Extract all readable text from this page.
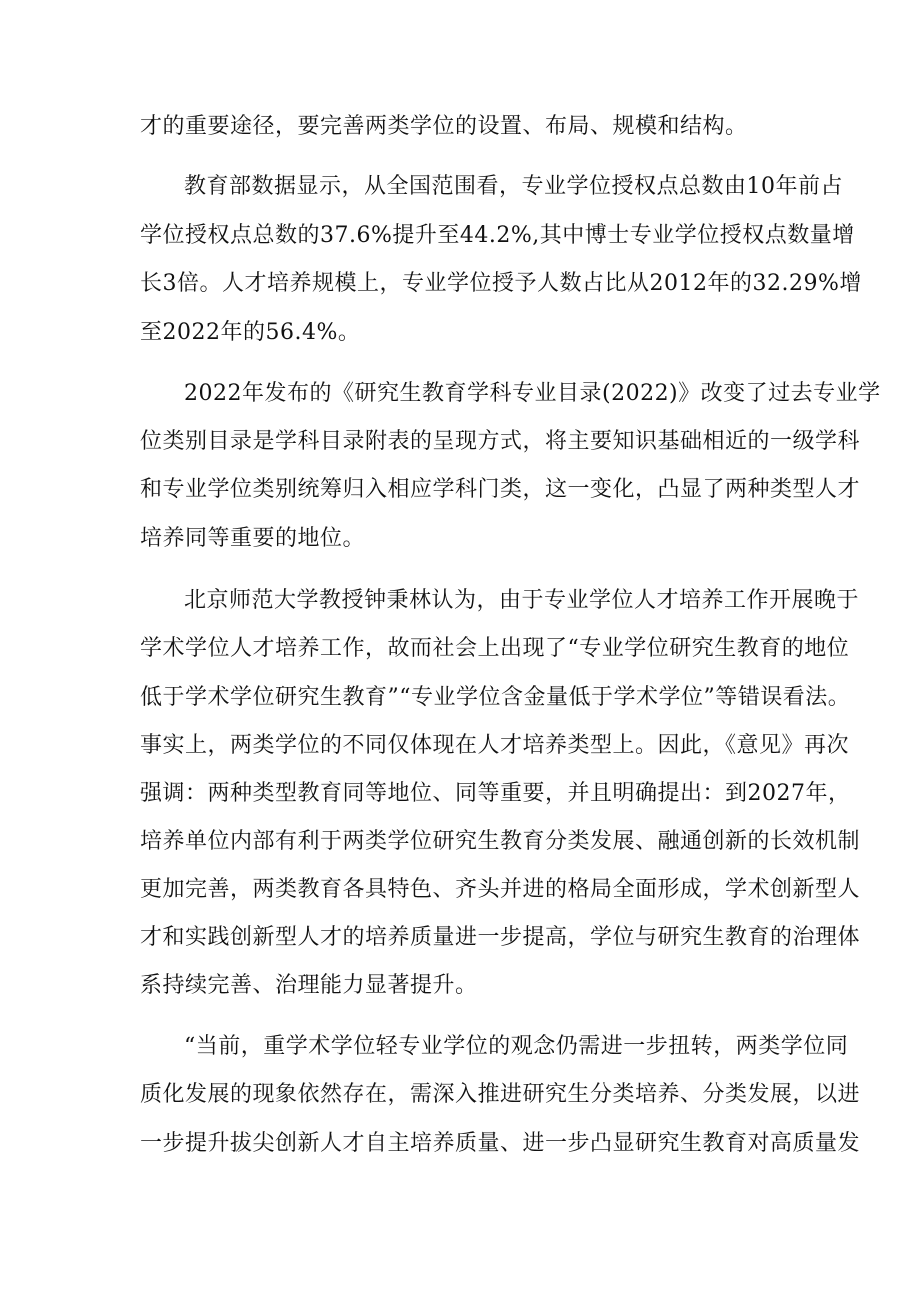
才的重要途径，要完善两类学位的设置、布局、规模和结构。
教育部数据显示，从全国范围看，专业学位授权点总数由10年前占
学位授权点总数的37.6%提升至44.2%,其中博士专业学位授权点数量增
长3倍。人才培养规模上，专业学位授予人数占比从2012年的32.29%增
至2022年的56.4%。
2022年发布的《研究生教育学科专业目录(2022)》改变了过去专业学
位类别目录是学科目录附表的呈现方式，将主要知识基础相近的一级学科
和专业学位类别统筹归入相应学科门类，这一变化，凸显了两种类型人才
培养同等重要的地位。
北京师范大学教授钟秉林认为，由于专业学位人才培养工作开展晚于
学术学位人才培养工作，故而社会上出现了“专业学位研究生教育的地位
低于学术学位研究生教育”“专业学位含金量低于学术学位”等错误看法。
事实上，两类学位的不同仅体现在人才培养类型上。因此，《意见》再次
强调：两种类型教育同等地位、同等重要，并且明确提出：到2027年，
培养单位内部有利于两类学位研究生教育分类发展、融通创新的长效机制
更加完善，两类教育各具特色、齐头并进的格局全面形成，学术创新型人
才和实践创新型人才的培养质量进一步提高，学位与研究生教育的治理体
系持续完善、治理能力显著提升。
“当前，重学术学位轻专业学位的观念仍需进一步扭转，两类学位同
质化发展的现象依然存在，需深入推进研究生分类培养、分类发展，以进
一步提升拔尖创新人才自主培养质量、进一步凸显研究生教育对高质量发
